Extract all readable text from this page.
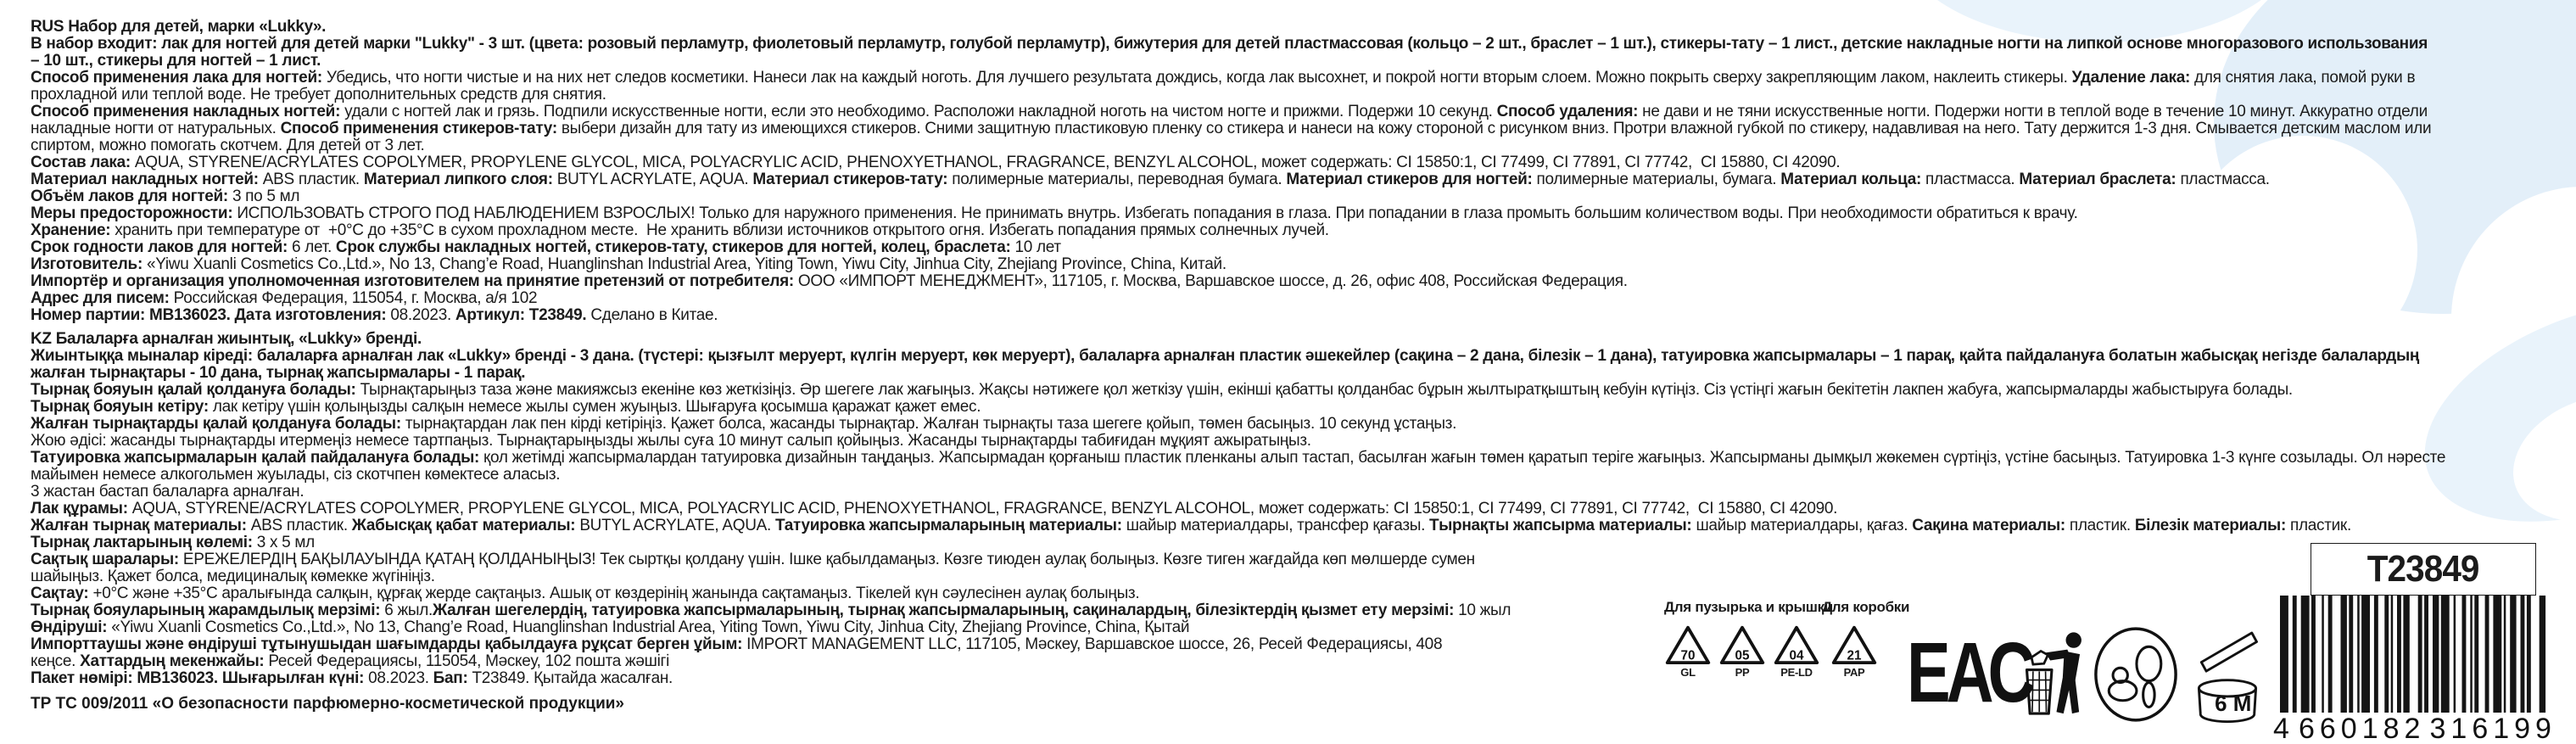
RUS Набор для детей, марки «Lukky».
В набор входит: лак для ногтей для детей марки "Lukky" - 3 шт. (цвета: розовый перламутр, фиолетовый перламутр, голубой перламутр), бижутерия для детей пластмассовая (кольцо – 2 шт., браслет – 1 шт.), стикеры-тату – 1 лист., детские накладные ногти на липкой основе многоразового использования
– 10 шт., стикеры для ногтей – 1 лист.
Способ применения лака для ногтей: Убедись, что ногти чистые и на них нет следов косметики. Нанеси лак на каждый ноготь. Для лучшего результата дождись, когда лак высохнет, и покрой ногти вторым слоем. Можно покрыть сверху закрепляющим лаком, наклеить стикеры. Удаление лака: для снятия лака, помой руки в
прохладной или теплой воде. Не требует дополнительных средств для снятия.
Способ применения накладных ногтей: удали с ногтей лак и грязь. Подпили искусственные ногти, если это необходимо. Расположи накладной ноготь на чистом ногте и прижми. Подержи 10 секунд. Способ удаления: не дави и не тяни искусственные ногти. Подержи ногти в теплой воде в течение 10 минут. Аккуратно отдели
накладные ногти от натуральных. Способ применения стикеров-тату: выбери дизайн для тату из имеющихся стикеров. Сними защитную пластиковую пленку со стикера и нанеси на кожу стороной с рисунком вниз. Протри влажной губкой по стикеру, надавливая на него. Тату держится 1-3 дня. Смывается детским маслом или
спиртом, можно помогать скотчем. Для детей от 3 лет.
Состав лака: AQUA, STYRENE/ACRYLATES COPOLYMER, PROPYLENE GLYCOL, MICA, POLYACRYLIC ACID, PHENOXYETHANOL, FRAGRANCE, BENZYL ALCOHOL, может содержать: CI 15850:1, CI 77499, CI 77891, CI 77742,  CI 15880, CI 42090.
Материал накладных ногтей: ABS пластик. Материал липкого слоя: BUTYL ACRYLATE, AQUA. Материал стикеров-тату: полимерные материалы, переводная бумага. Материал стикеров для ногтей: полимерные материалы, бумага. Материал кольца: пластмасса. Материал браслета: пластмасса.
Объём лаков для ногтей: 3 по 5 мл
Меры предосторожности: ИСПОЛЬЗОВАТЬ СТРОГО ПОД НАБЛЮДЕНИЕМ ВЗРОСЛЫХ! Только для наружного применения. Не принимать внутрь. Избегать попадания в глаза. При попадании в глаза промыть большим количеством воды. При необходимости обратиться к врачу.
Хранение: хранить при температуре от  +0°С до +35°С в сухом прохладном месте.  Не хранить вблизи источников открытого огня. Избегать попадания прямых солнечных лучей.
Срок годности лаков для ногтей: 6 лет. Срок службы накладных ногтей, стикеров-тату, стикеров для ногтей, колец, браслета: 10 лет
Изготовитель: «Yiwu Xuanli Cosmetics Co.,Ltd.», No 13, Chang’e Road, Huanglinshan Industrial Area, Yiting Town, Yiwu City, Jinhua City, Zhejiang Province, China, Китай.
Импортёр и организация уполномоченная изготовителем на принятие претензий от потребителя: ООО «ИМПОРТ МЕНЕДЖМЕНТ», 117105, г. Москва, Варшавское шоссе, д. 26, офис 408, Российская Федерация.
Адрес для писем: Российская Федерация, 115054, г. Москва, а/я 102
Номер партии: MB136023. Дата изготовления: 08.2023. Артикул: T23849. Сделано в Китае.
KZ Балаларға арналған жиынтық, «Lukky» бренді.
Жиынтыққа мыналар кіреді: балаларға арналған лак «Lukky» бренді - 3 дана. (түстері: қызғылт меруерт, күлгін меруерт, көк меруерт), балаларға арналған пластик әшекейлер (сақина – 2 дана, білезік – 1 дана), татуировка жапсырмалары – 1 парақ, қайта пайдалануға болатын жабысқақ негізде балалардың
жалған тырнақтары - 10 дана, тырнақ жапсырмалары - 1 парақ.
Тырнақ бояуын қалай қолдануға болады: Тырнақтарыңыз таза және макияжсыз екеніне көз жеткізіңіз. Әр шегеге лак жағыңыз. Жақсы нәтижеге қол жеткізу үшін, екінші қабатты қолданбас бұрын жылтыратқыштың кебуін күтіңіз. Сіз үстіңгі жағын бекітетін лакпен жабуға, жапсырмаларды жабыстыруға болады.
Тырнақ бояуын кетіру: лак кетіру үшін қолыңызды салқын немесе жылы сумен жуыңыз. Шығаруға қосымша қаражат қажет емес.
Жалған тырнақтарды қалай қолдануға болады: тырнақтардан лак пен кірді кетіріңіз. Қажет болса, жасанды тырнақтар. Жалған тырнақты таза шегеге қойып, төмен басыңыз. 10 секунд ұстаңыз.
Жою әдісі: жасанды тырнақтарды итермеңіз немесе тартпаңыз. Тырнақтарыңызды жылы суға 10 минут салып қойыңыз. Жасанды тырнақтарды табиғидан мұқият ажыратыңыз.
Татуировка жапсырмаларын қалай пайдалануға болады: қол жетімді жапсырмалардан татуировка дизайнын таңдаңыз. Жапсырмадан қорғаныш пластик пленканы алып тастап, басылған жағын төмен қаратып теріге жағыңыз. Жапсырманы дымқыл жөкемен сүртіңіз, үстіне басыңыз. Татуировка 1-3 күнге созылады. Ол нәресте
майымен немесе алкогольмен жуылады, сіз скотчпен көмектесе аласыз.
3 жастан бастап балаларға арналған.
Лак құрамы: AQUA, STYRENE/ACRYLATES COPOLYMER, PROPYLENE GLYCOL, MICA, POLYACRYLIC ACID, PHENOXYETHANOL, FRAGRANCE, BENZYL ALCOHOL, может содержать: CI 15850:1, CI 77499, CI 77891, CI 77742,  CI 15880, CI 42090.
Жалған тырнақ материалы: ABS пластик. Жабысқақ қабат материалы: BUTYL ACRYLATE, AQUA. Татуировка жапсырмаларының материалы: шайыр материалдары, трансфер қағазы. Тырнақты жапсырма материалы: шайыр материалдары, қағаз. Сақина материалы: пластик. Білезік материалы: пластик.
Тырнақ лактарының көлемі: 3 х 5 мл
Сақтық шаралары: ЕРЕЖЕЛЕРДІҢ БАҚЫЛАУЫНДА ҚАТАҢ ҚОЛДАНЫҢЫЗ! Тек сыртқы қолдану үшін. Ішке қабылдамаңыз. Көзге тиюден аулақ болыңыз. Көзге тиген жағдайда көп мөлшерде сумен
шайыңыз. Қажет болса, медициналық көмекке жүгініңіз.
Сақтау: +0°С және +35°С аралығында салқын, құрғақ жерде сақтаңыз. Ашық от көздерінің жанында сақтамаңыз. Тікелей күн сәулесінен аулақ болыңыз.
Тырнақ бояуларының жарамдылық мерзімі: 6 жыл.Жалған шегелердің, татуировка жапсырмаларының, тырнақ жапсырмаларының, сақиналардың, білезіктердің қызмет ету мерзімі: 10 жыл
Өндіруші: «Yiwu Xuanli Cosmetics Co.,Ltd.», No 13, Chang’e Road, Huanglinshan Industrial Area, Yiting Town, Yiwu City, Jinhua City, Zhejiang Province, China, Қытай
Импорттаушы және өндіруші тұтынушыдан шағымдарды қабылдауға рұқсат берген ұйым: IMPORT MANAGEMENT LLC, 117105, Мәскеу, Варшавское шоссе, 26, Ресей Федерациясы, 408
кеңсе. Хаттардың мекенжайы: Ресей Федерациясы, 115054, Мәскеу, 102 пошта жәшігі
Пакет нөмірі: MB136023. Шығарылған күні: 08.2023. Бап: T23849. Қытайда жасалған.
ТР ТС 009/2011 «О безопасности парфюмерно-косметической продукции»
Для пузырька и крышки
Для коробки
70
GL
05
PP
04
PE-LD
21
PAP ЕАС	6 M
T23849
4 660182 316199
